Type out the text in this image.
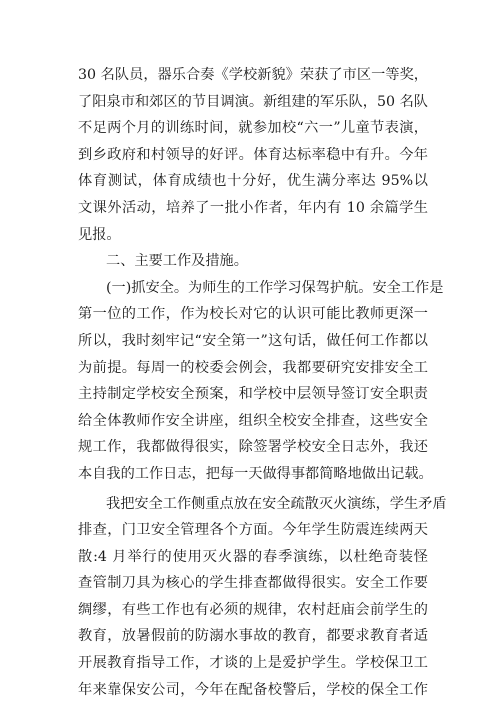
30 名队员，器乐合奏《学校新貌》荣获了市区一等奖，
了阳泉市和郊区的节目调演。新组建的军乐队，50 名队
不足两个月的训练时间，就参加校“六一”儿童节表演，
到乡政府和村领导的好评。体育达标率稳中有升。今年
体育测试，体育成绩也十分好，优生满分率达 95%以
文课外活动，培养了一批小作者，年内有 10 余篇学生
见报。
二、主要工作及措施。
(一)抓安全。为师生的工作学习保驾护航。安全工作是
第一位的工作，作为校长对它的认识可能比教师更深一
所以，我时刻牢记“安全第一”这句话，做任何工作都以
为前提。每周一的校委会例会，我都要研究安排安全工
主持制定学校安全预案，和学校中层领导签订安全职责
给全体教师作安全讲座，组织全校安全排查，这些安全
规工作，我都做得很实，除签署学校安全日志外，我还
本自我的工作日志，把每一天做得事都简略地做出记载。
我把安全工作侧重点放在安全疏散灭火演练，学生矛盾
排查，门卫安全管理各个方面。今年学生防震连续两天
散:4 月举行的使用灭火器的春季演练，以杜绝奇装怪
查管制刀具为核心的学生排查都做得很实。安全工作要
绸缪，有些工作也有必须的规律，农村赶庙会前学生的
教育，放暑假前的防溺水事故的教育，都要求教育者适
开展教育指导工作，才谈的上是爱护学生。学校保卫工
年来靠保安公司，今年在配备校警后，学校的保全工作
